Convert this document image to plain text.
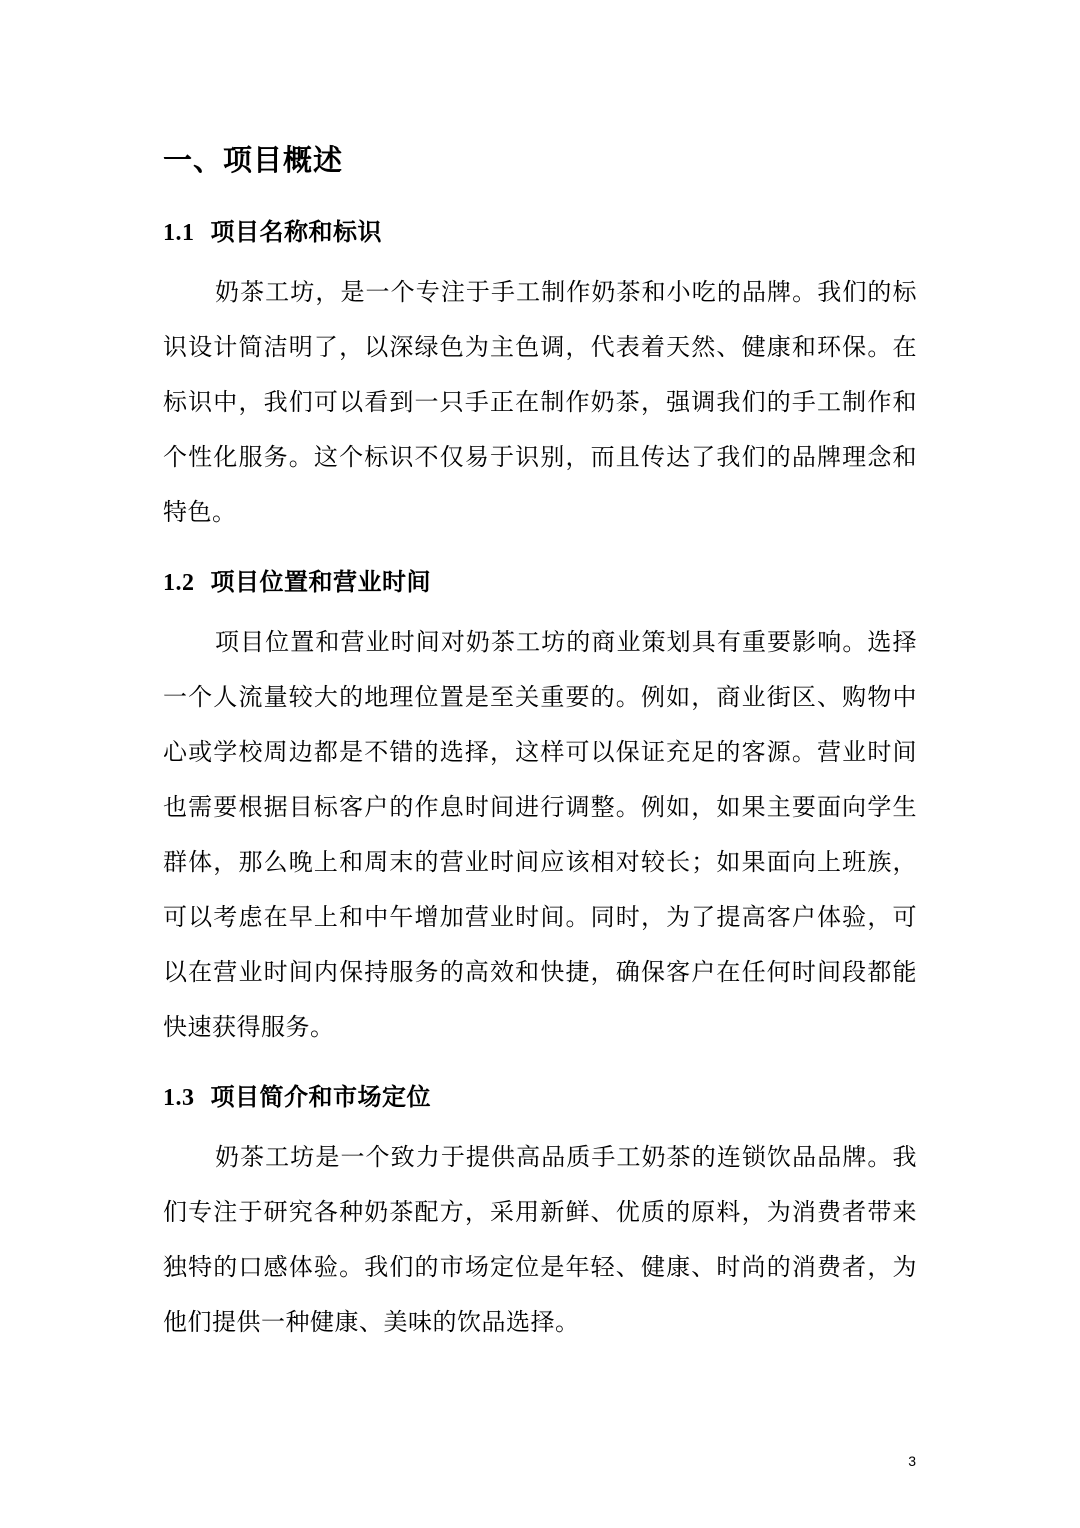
一、项目概述
1.1 项目名称和标识

奶茶工坊，是一个专注于手工制作奶茶和小吃的品牌。我们的标识设计简洁明了，以深绿色为主色调，代表着天然、健康和环保。在标识中，我们可以看到一只手正在制作奶茶，强调我们的手工制作和个性化服务。这个标识不仅易于识别，而且传达了我们的品牌理念和特色。

1.2 项目位置和营业时间

项目位置和营业时间对奶茶工坊的商业策划具有重要影响。选择一个人流量较大的地理位置是至关重要的。例如，商业街区、购物中心或学校周边都是不错的选择，这样可以保证充足的客源。营业时间也需要根据目标客户的作息时间进行调整。例如，如果主要面向学生群体，那么晚上和周末的营业时间应该相对较长；如果面向上班族，可以考虑在早上和中午增加营业时间。同时，为了提高客户体验，可以在营业时间内保持服务的高效和快捷，确保客户在任何时间段都能快速获得服务。

1.3 项目简介和市场定位

奶茶工坊是一个致力于提供高品质手工奶茶的连锁饮品品牌。我们专注于研究各种奶茶配方，采用新鲜、优质的原料，为消费者带来独特的口感体验。我们的市场定位是年轻、健康、时尚的消费者，为他们提供一种健康、美味的饮品选择。

3
